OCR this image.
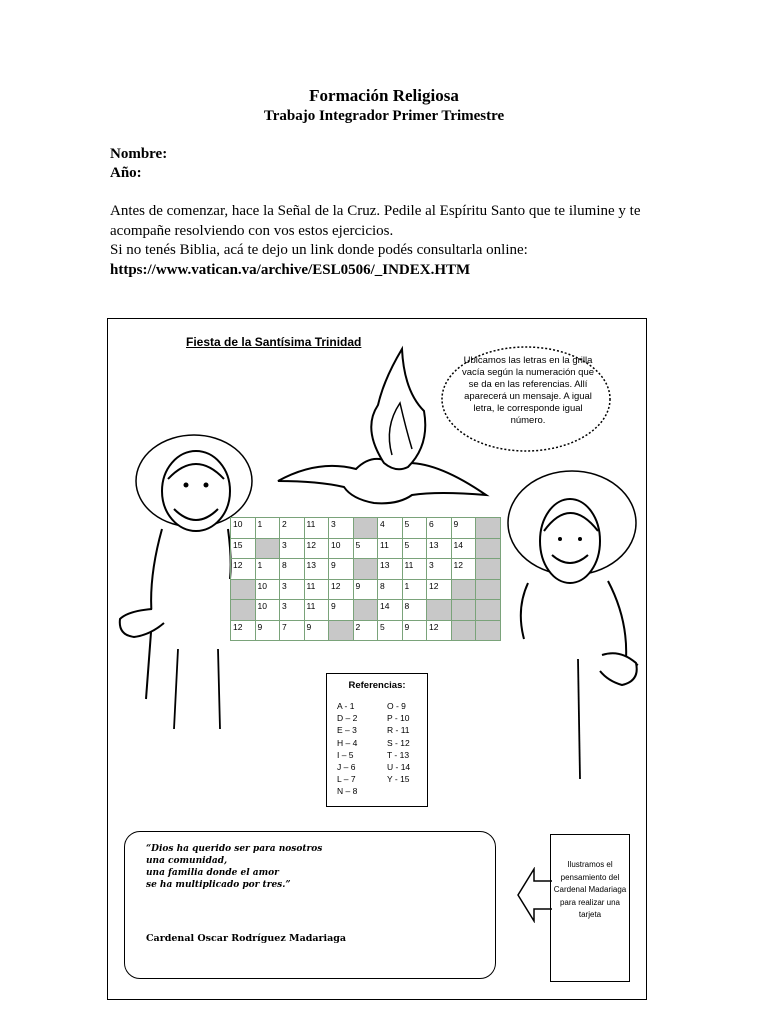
Formación Religiosa
Trabajo Integrador Primer Trimestre
Nombre:
Año:
Antes de comenzar, hace la Señal de la Cruz. Pedile al Espíritu Santo que te ilumine y te acompañe resolviendo con vos estos ejercicios.
Si no tenés Biblia, acá te dejo un link donde podés consultarla online:
https://www.vatican.va/archive/ESL0506/_INDEX.HTM
Fiesta de la Santísima Trinidad
Ubicamos las letras en la grilla vacía según la numeración que se da en las referencias. Allí aparecerá un mensaje. A igual letra, le corresponde igual número.
10	1	2	11	3		4	5	6	9	
15		3	12	10	5	11	5	13	14	
12	1	8	13	9		13	11	3	12	
	10	3	11	12	9	8	1	12		
	10	3	11	9		14	8			
12	9	7	9		2	5	9	12		
Referencias:
A - 1
D – 2
E – 3
H – 4
I – 5
J – 6
L – 7
N – 8
O - 9
P - 10
R - 11
S - 12
T - 13
U - 14
Y - 15
“Dios ha querido ser para nosotros
una comunidad,
una familia donde el amor
se ha multiplicado por tres.”
Cardenal Oscar Rodríguez Madariaga
Ilustramos el pensamiento del Cardenal Madariaga para realizar una tarjeta
